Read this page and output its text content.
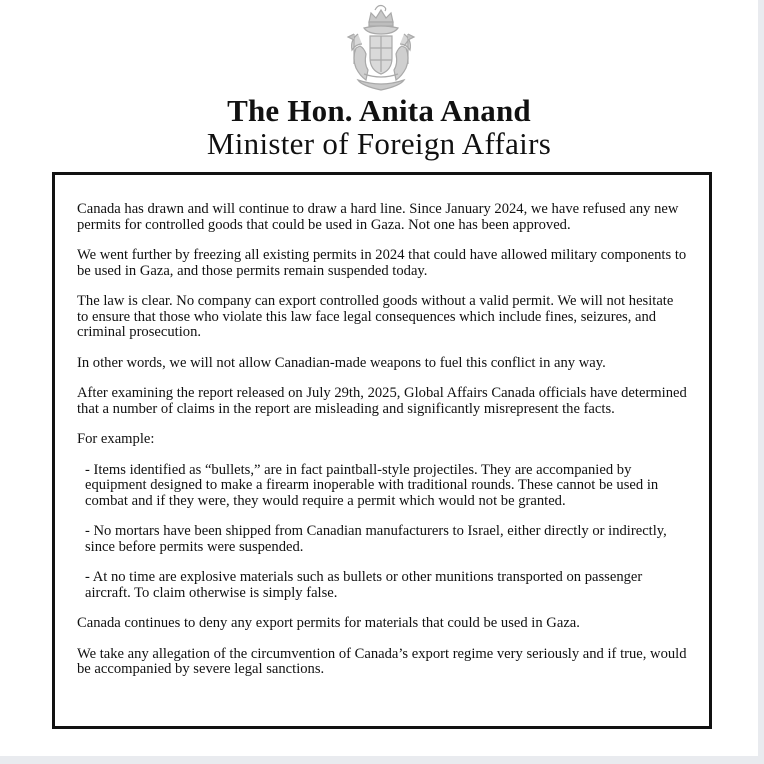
The Hon. Anita Anand
Minister of Foreign Affairs

Canada has drawn and will continue to draw a hard line. Since January 2024, we have refused any new permits for controlled goods that could be used in Gaza. Not one has been approved.

We went further by freezing all existing permits in 2024 that could have allowed military components to be used in Gaza, and those permits remain suspended today.

The law is clear. No company can export controlled goods without a valid permit. We will not hesitate to ensure that those who violate this law face legal consequences which include fines, seizures, and criminal prosecution.

In other words, we will not allow Canadian-made weapons to fuel this conflict in any way.

After examining the report released on July 29th, 2025, Global Affairs Canada officials have determined that a number of claims in the report are misleading and significantly misrepresent the facts.

For example:

- Items identified as “bullets,” are in fact paintball-style projectiles. They are accompanied by equipment designed to make a firearm inoperable with traditional rounds. These cannot be used in combat and if they were, they would require a permit which would not be granted.

- No mortars have been shipped from Canadian manufacturers to Israel, either directly or indirectly, since before permits were suspended.

- At no time are explosive materials such as bullets or other munitions transported on passenger aircraft. To claim otherwise is simply false.

Canada continues to deny any export permits for materials that could be used in Gaza.

We take any allegation of the circumvention of Canada’s export regime very seriously and if true, would be accompanied by severe legal sanctions.
